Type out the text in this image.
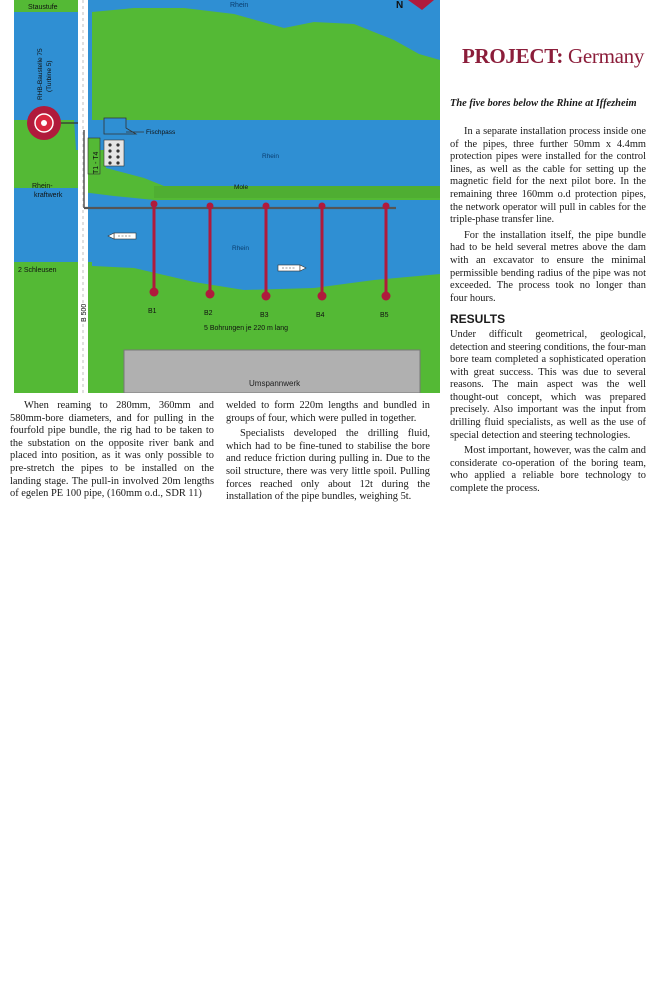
Umspannwerk
Fischpass
T1 - T4
Rhein-kraftwerk
Staustufe	Rhein
Rhein
Rhein
Mole
RHB-Baustelle 75 (Turbine 5)
2 Schleusen
B 500	B1	B2	B3	B4	B5
5 Bohrungen je 220 m lang
N
PROJECT: Germany
The five bores below the Rhine at Iffezheim

In a separate installation process inside one of the pipes, three further 50mm x 4.4mm protection pipes were installed for the control lines, as well as the cable for setting up the magnetic field for the next pilot bore. In the remaining three 160mm o.d protection pipes, the network operator will pull in cables for the triple-phase transfer line.

For the installation itself, the pipe bundle had to be held several metres above the dam with an excavator to ensure the minimal permissible bending radius of the pipe was not exceeded. The process took no longer than four hours.

RESULTS

Under difficult geometrical, geological, detection and steering conditions, the four-man bore team completed a sophisticated operation with great success. This was due to several reasons. The main aspect was the well thought-out concept, which was prepared precisely. Also important was the input from drilling fluid specialists, as well as the use of special detection and steering technologies.

Most important, however, was the calm and considerate co-operation of the boring team, who applied a reliable bore technology to complete the process.

When reaming to 280mm, 360mm and 580mm-bore diameters, and for pulling in the fourfold pipe bundle, the rig had to be taken to the substation on the opposite river bank and placed into position, as it was only possible to pre-stretch the pipes to be installed on the landing stage. The pull-in involved 20m lengths of egelen PE 100 pipe, (160mm o.d., SDR 11)

welded to form 220m lengths and bundled in groups of four, which were pulled in together.

Specialists developed the drilling fluid, which had to be fine-tuned to stabilise the bore and reduce friction during pulling in. Due to the soil structure, there was very little spoil. Pulling forces reached only about 12t during the installation of the pipe bundles, weighing 5t.
